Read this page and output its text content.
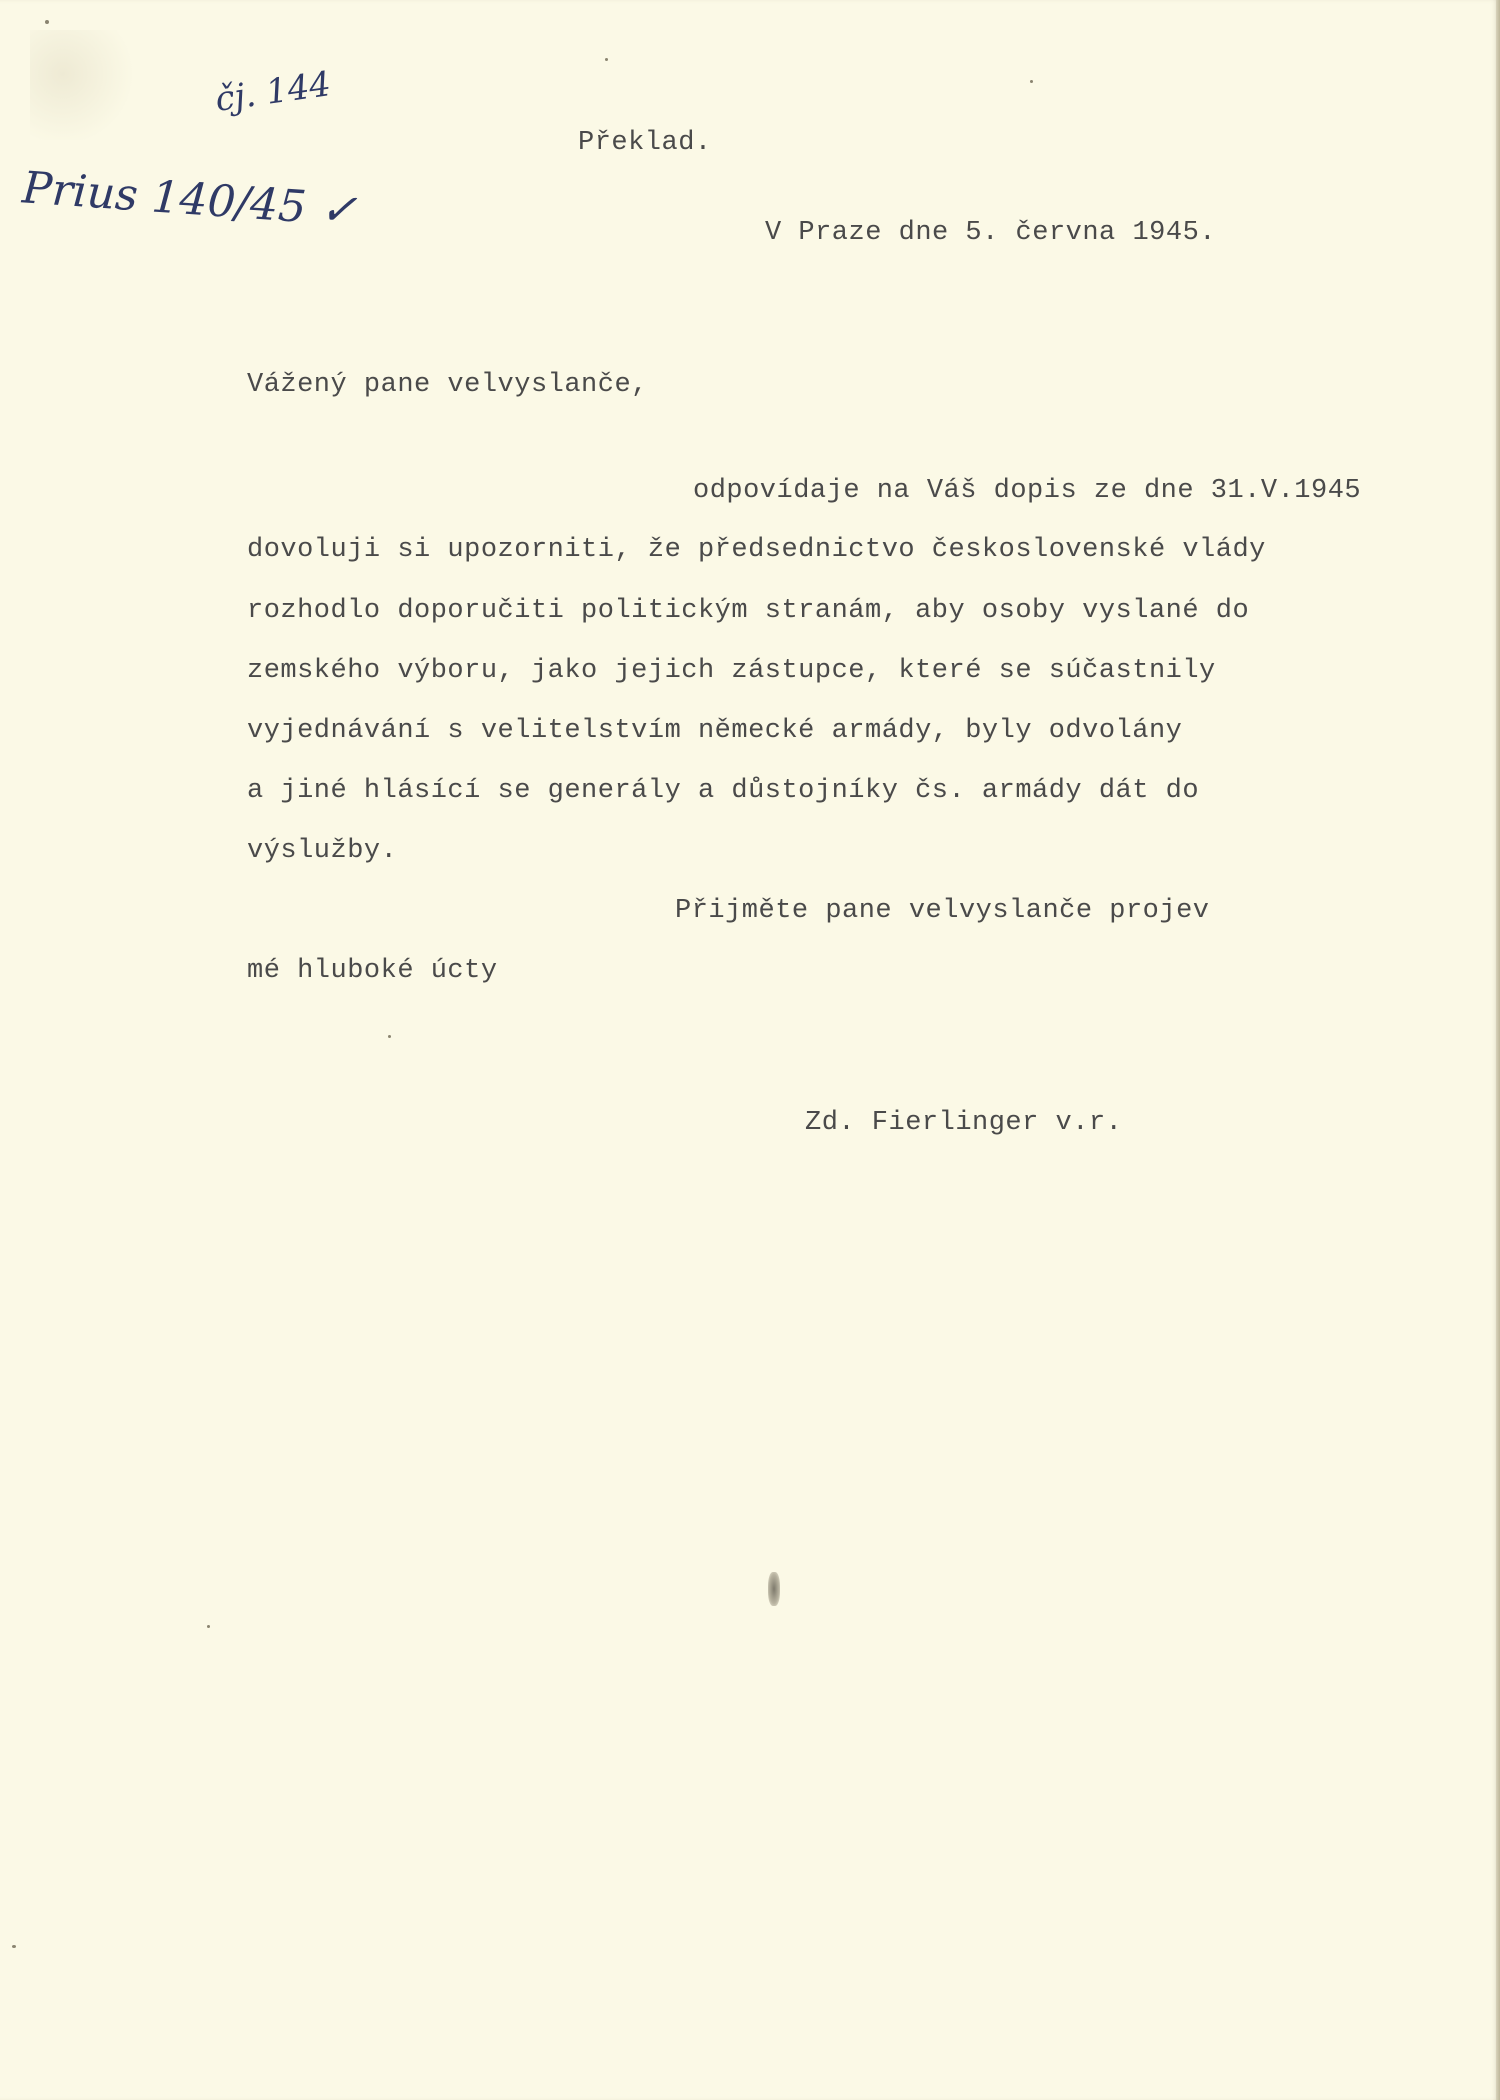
čj. 144
Prius 140/45 ✓
Překlad.
V Praze dne 5. června 1945.
Vážený pane velvyslanče,
odpovídaje na Váš dopis ze dne 31.V.1945
dovoluji si upozorniti, že předsednictvo československé vlády
rozhodlo doporučiti politickým stranám, aby osoby vyslané do
zemského výboru, jako jejich zástupce, které se súčastnily
vyjednávání s velitelstvím německé armády, byly odvolány
a jiné hlásící se generály a důstojníky čs. armády dát do
výslužby.
Přijměte pane velvyslanče projev
mé hluboké úcty
Zd. Fierlinger v.r.
